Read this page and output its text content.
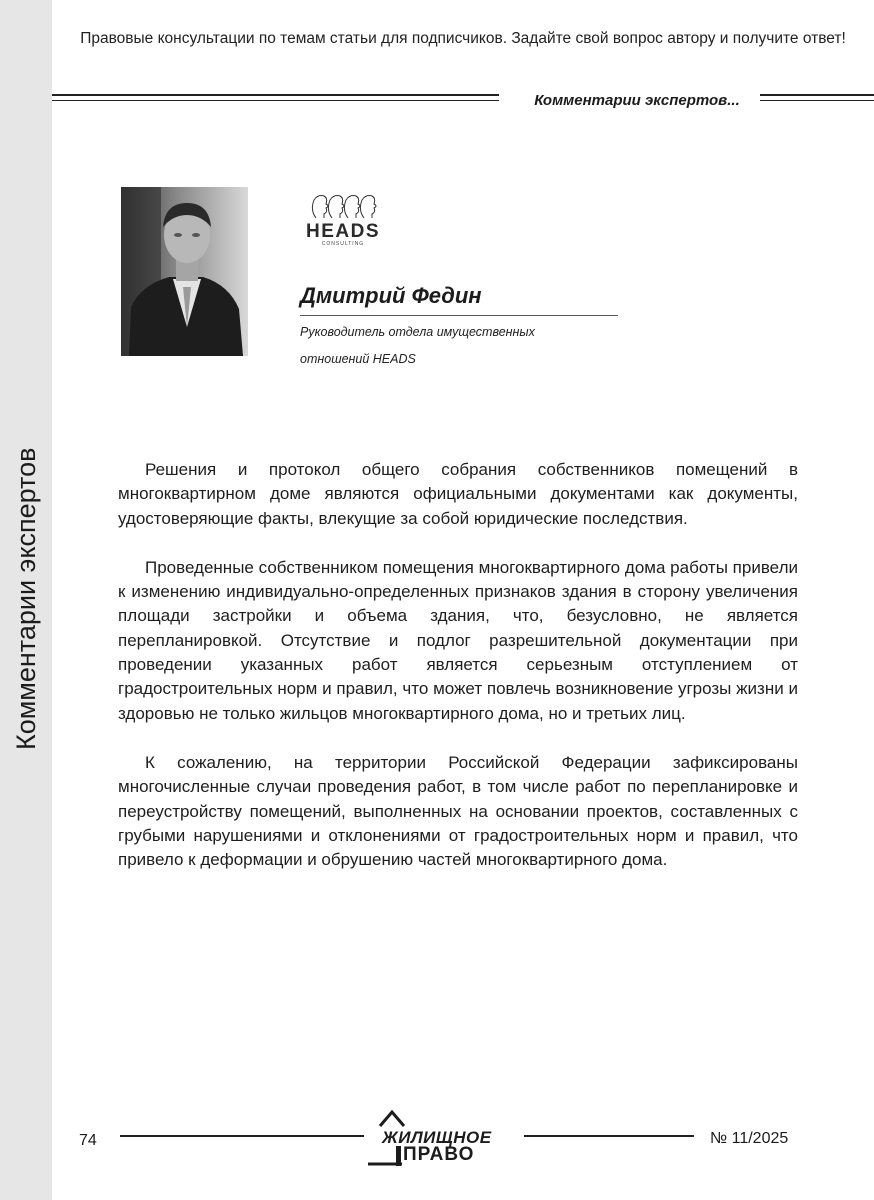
Комментарии экспертов
Правовые консультации по темам статьи для подписчиков. Задайте свой вопрос автору и получите ответ!
Комментарии экспертов...
HEADS
CONSULTING
Дмитрий Федин
Руководитель отдела имущественных
отношений HEADS

Решения и протокол общего собрания собственников помещений в многоквартирном доме являются официальными документами как документы, удостоверяющие факты, влекущие за собой юридические последствия.

Проведенные собственником помещения многоквартирного дома работы привели к изменению индивидуально-определенных признаков здания в сторону увеличения площади застройки и объема здания, что, безусловно, не является перепланировкой. Отсутствие и подлог разрешительной документации при проведении указанных работ является серьезным отступлением от градостроительных норм и правил, что может повлечь возникновение угрозы жизни и здоровью не только жильцов многоквартирного дома, но и третьих лиц.

К сожалению, на территории Российской Федерации зафиксированы многочисленные случаи проведения работ, в том числе работ по перепланировке и переустройству помещений, выполненных на основании проектов, составленных с грубыми нарушениями и отклонениями от градостроительных норм и правил, что привело к деформации и обрушению частей многоквартирного дома.

74	ЖИЛИЩНОЕ
ПРАВО
№ 11/2025
